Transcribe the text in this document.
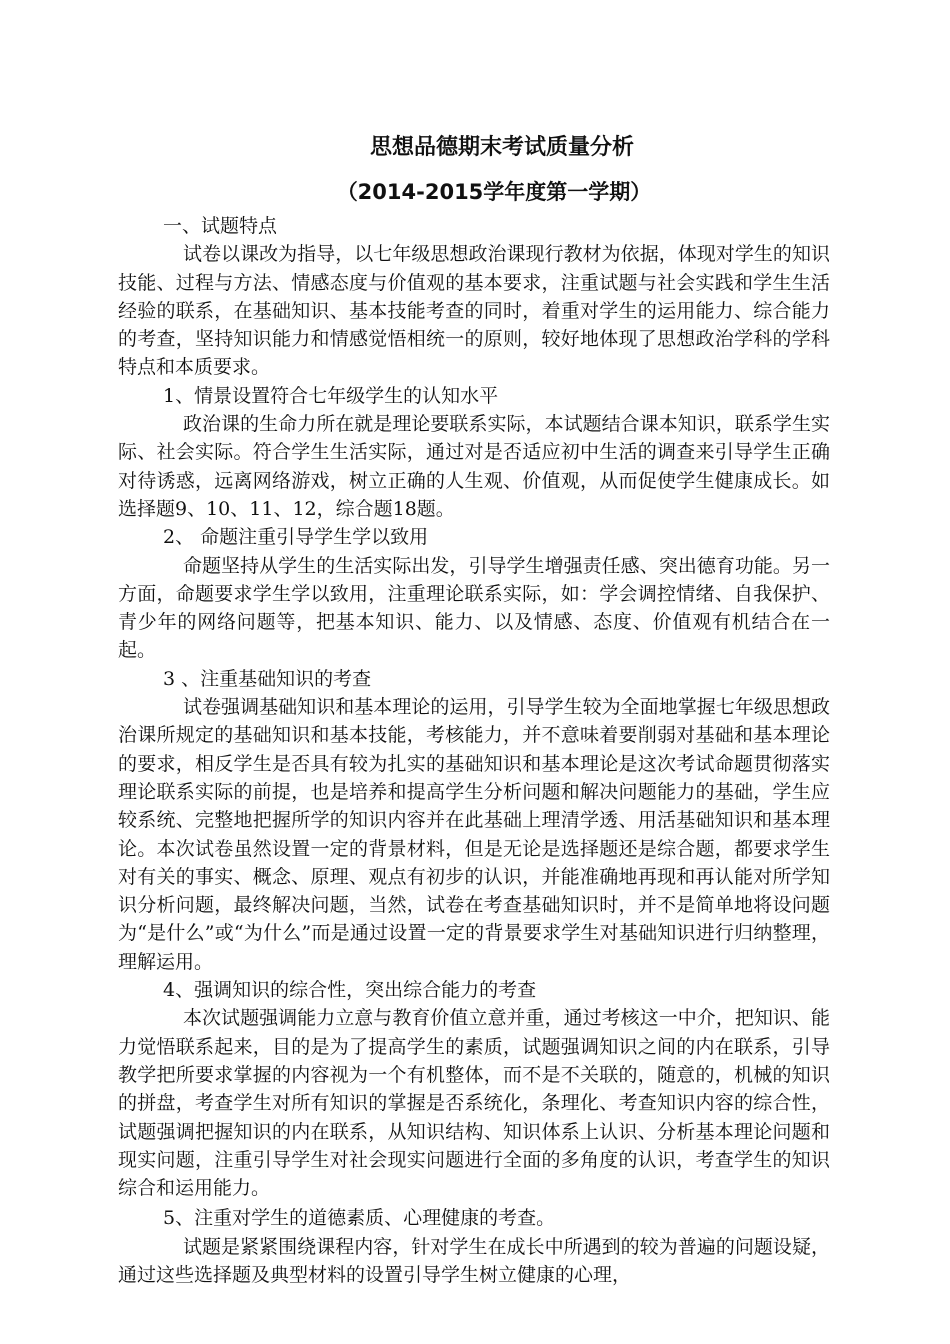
思想品德期末考试质量分析

（2014-2015学年度第一学期）

一、试题特点

试卷以课改为指导，以七年级思想政治课现行教材为依据，体现对学生的知识技能、过程与方法、情感态度与价值观的基本要求，注重试题与社会实践和学生生活经验的联系，在基础知识、基本技能考查的同时，着重对学生的运用能力、综合能力的考查，坚持知识能力和情感觉悟相统一的原则，较好地体现了思想政治学科的学科特点和本质要求。

1、情景设置符合七年级学生的认知水平

政治课的生命力所在就是理论要联系实际，本试题结合课本知识，联系学生实际、社会实际。符合学生生活实际，通过对是否适应初中生活的调查来引导学生正确对待诱惑，远离网络游戏，树立正确的人生观、价值观，从而促使学生健康成长。如选择题9、10、11、12，综合题18题。

2、 命题注重引导学生学以致用

命题坚持从学生的生活实际出发，引导学生增强责任感、突出德育功能。另一方面，命题要求学生学以致用，注重理论联系实际，如：学会调控情绪、自我保护、青少年的网络问题等，把基本知识、能力、以及情感、态度、价值观有机结合在一起。

3 、注重基础知识的考查

试卷强调基础知识和基本理论的运用，引导学生较为全面地掌握七年级思想政治课所规定的基础知识和基本技能，考核能力，并不意味着要削弱对基础和基本理论的要求，相反学生是否具有较为扎实的基础知识和基本理论是这次考试命题贯彻落实理论联系实际的前提，也是培养和提高学生分析问题和解决问题能力的基础，学生应较系统、完整地把握所学的知识内容并在此基础上理清学透、用活基础知识和基本理论。本次试卷虽然设置一定的背景材料，但是无论是选择题还是综合题，都要求学生对有关的事实、概念、原理、观点有初步的认识，并能准确地再现和再认能对所学知识分析问题，最终解决问题，当然，试卷在考查基础知识时，并不是简单地将设问题为“是什么”或“为什么”而是通过设置一定的背景要求学生对基础知识进行归纳整理，理解运用。

4、强调知识的综合性，突出综合能力的考查

本次试题强调能力立意与教育价值立意并重，通过考核这一中介，把知识、能力觉悟联系起来，目的是为了提高学生的素质，试题强调知识之间的内在联系，引导教学把所要求掌握的内容视为一个有机整体，而不是不关联的，随意的，机械的知识的拼盘，考查学生对所有知识的掌握是否系统化，条理化、考查知识内容的综合性，试题强调把握知识的内在联系，从知识结构、知识体系上认识、分析基本理论问题和现实问题，注重引导学生对社会现实问题进行全面的多角度的认识，考查学生的知识综合和运用能力。

5、注重对学生的道德素质、心理健康的考查。

试题是紧紧围绕课程内容，针对学生在成长中所遇到的较为普遍的问题设疑，通过这些选择题及典型材料的设置引导学生树立健康的心理，
